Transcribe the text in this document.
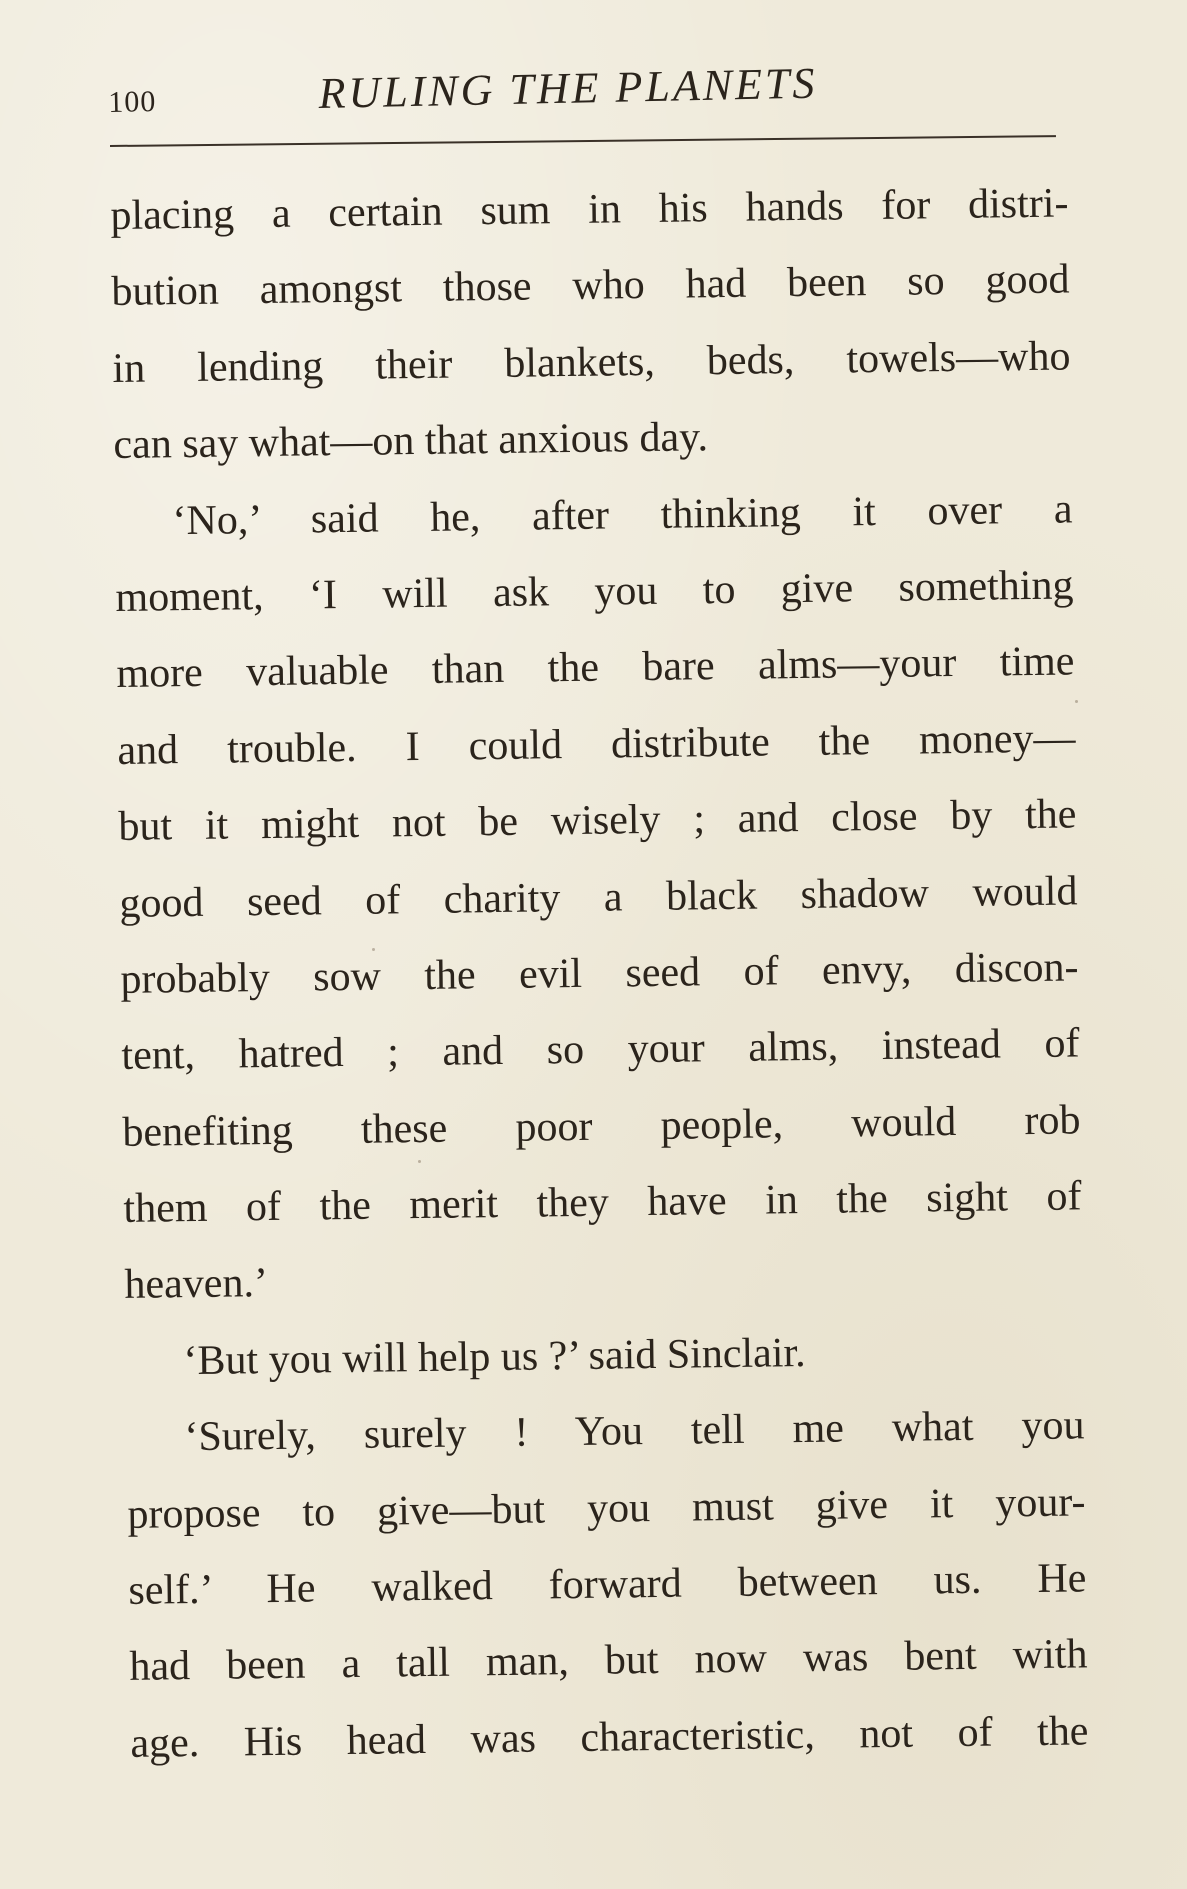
100	RULING THE PLANETS
placing a certain sum in his hands for distri-
bution amongst those who had been so good
in lending their blankets, beds, towels—who
can say what—on that anxious day.
‘No,’ said he, after thinking it over a
moment, ‘I will ask you to give something
more valuable than the bare alms—your time
and trouble. I could distribute the money—
but it might not be wisely ; and close by the
good seed of charity a black shadow would
probably sow the evil seed of envy, discon-
tent, hatred ; and so your alms, instead of
benefiting these poor people, would rob
them of the merit they have in the sight of
heaven.’
‘But you will help us ?’ said Sinclair.
‘Surely, surely ! You tell me what you
propose to give—but you must give it your-
self.’ He walked forward between us. He
had been a tall man, but now was bent with
age. His head was characteristic, not of the
